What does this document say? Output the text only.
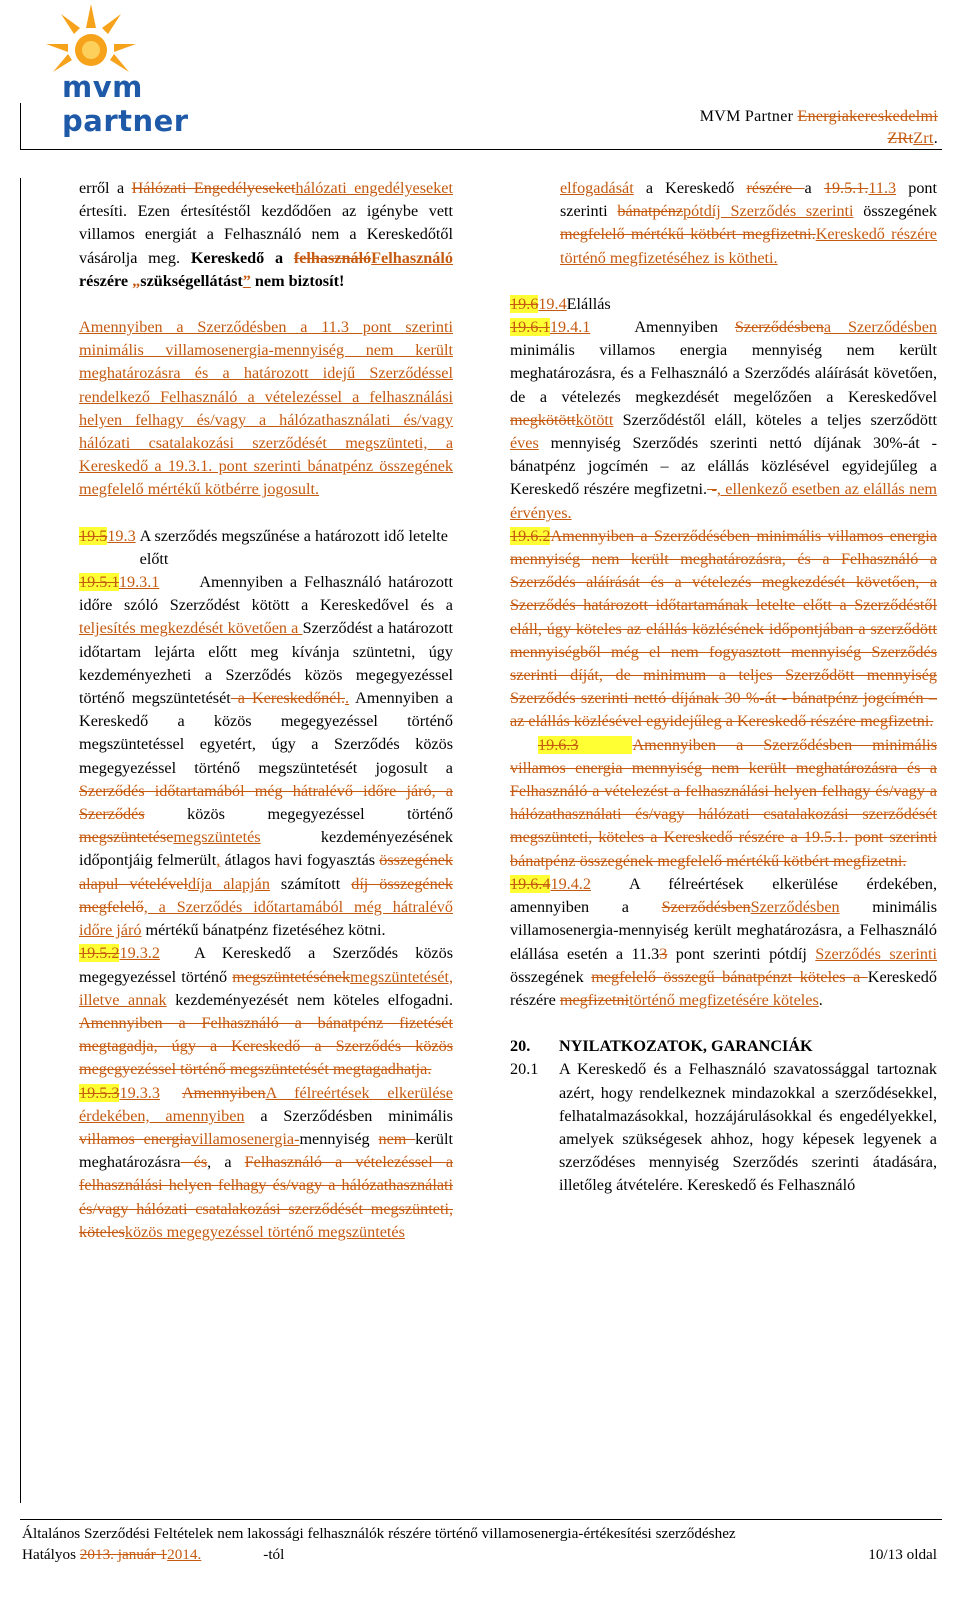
mvm partner	MVM Partner Energiakereskedelmi
ZRtZrt.

erről a Hálózati Engedélyesekethálózati engedélyeseket értesíti. Ezen értesítéstől kezdődően az igénybe vett villamos energiát a Felhasználó nem a Kereskedőtől vásárolja meg. Kereskedő a felhasználóFelhasználó részére „szükségellátást” nem biztosít!

Amennyiben a Szerződésben a 11.3 pont szerinti minimális villamosenergia-mennyiség nem került meghatározásra és a határozott idejű Szerződéssel rendelkező Felhasználó a vételezéssel a felhasználási helyen felhagy és/vagy a hálózathasználati és/vagy hálózati csatalakozási szerződését megszünteti, a Kereskedő a 19.3.1. pont szerinti bánatpénz összegének megfelelő mértékű kötbérre jogosult.

19.519.3 A szerződés megszűnése a határozott idő letelte előtt

19.5.119.3.1 Amennyiben a Felhasználó határozott időre szóló Szerződést kötött a Kereskedővel és a teljesítés megkezdését követően a Szerződést a határozott időtartam lejárta előtt meg kívánja szüntetni, úgy kezdeményezheti a Szerződés közös megegyezéssel történő megszüntetését a Kereskedőnél.. Amennyiben a Kereskedő a közös megegyezéssel történő megszüntetéssel egyetért, úgy a Szerződés közös megegyezéssel történő megszüntetését jogosult a Szerződés időtartamából még hátralévő időre járó, a Szerződés közös megegyezéssel történő megszüntetésemegszüntetés kezdeményezésének időpontjáig felmerült, átlagos havi fogyasztás összegének alapul vételéveldíja alapján számított díj összegének megfelelő, a Szerződés időtartamából még hátralévő időre járó mértékű bánatpénz fizetéséhez kötni.

19.5.219.3.2 A Kereskedő a Szerződés közös megegyezéssel történő megszüntetésénekmegszüntetését, illetve annak kezdeményezését nem köteles elfogadni. Amennyiben a Felhasználó a bánatpénz fizetését megtagadja, úgy a Kereskedő a Szerződés közös megegyezéssel történő megszüntetését megtagadhatja.

19.5.319.3.3 AmennyibenA félreértések elkerülése érdekében, amennyiben a Szerződésben minimális villamos energiavillamosenergia-mennyiség nem került meghatározásra és, a Felhasználó a vételezéssel a felhasználási helyen felhagy és/vagy a hálózathasználati és/vagy hálózati csatalakozási szerződését megszünteti, kötelesközös megegyezéssel történő megszüntetés

elfogadását a Kereskedő részére a 19.5.1.11.3 pont szerinti bánatpénzpótdíj Szerződés szerinti összegének megfelelő mértékű kötbért megfizetni.Kereskedő részére történő megfizetéséhez is kötheti.

19.619.4Elállás

19.6.119.4.1	Amennyiben Szerződésbena Szerződésben minimális villamos energia mennyiség nem került meghatározásra, és a Felhasználó a Szerződés aláírását követően, de a vételezés megkezdését megelőzően a Kereskedővel megkötöttkötött Szerződéstől eláll, köteles a teljes szerződött éves mennyiség Szerződés szerinti nettó díjának 30%-át - bánatpénz jogcímén – az elállás közlésével egyidejűleg a Kereskedő részére megfizetni. -, ellenkező esetben az elállás nem érvényes.

19.6.2Amennyiben a Szerződésében minimális villamos energia mennyiség nem került meghatározásra, és a Felhasználó a Szerződés aláírását és a vételezés megkezdését követően, a Szerződés határozott időtartamának letelte előtt a Szerződéstől eláll, úgy köteles az elállás közlésének időpontjában a szerződött mennyiségből még el nem fogyasztott mennyiség Szerződés szerinti díját, de minimum a teljes Szerződött mennyiség Szerződés szerinti nettó díjának 30 %-át - bánatpénz jogcímén – az elállás közlésével egyidejűleg a Kereskedő részére megfizetni.

19.6.3	Amennyiben a Szerződésben minimális villamos energia mennyiség nem került meghatározásra és a Felhasználó a vételezést a felhasználási helyen felhagy és/vagy a hálózathasználati és/vagy hálózati csatalakozási szerződését megszünteti, köteles a Kereskedő részére a 19.5.1. pont szerinti bánatpénz összegének megfelelő mértékű kötbért megfizetni.

19.6.419.4.2 A félreértések elkerülése érdekében, amennyiben a SzerződésbenSzerződésben minimális villamosenergia-mennyiség került meghatározásra, a Felhasználó elállása esetén a 11.33 pont szerinti pótdíj Szerződés szerinti összegének megfelelő összegű bánatpénzt köteles a Kereskedő részére megfizetnitörténő megfizetésére köteles.

20.	NYILATKOZATOK, GARANCIÁK
20.1	A Kereskedő és a Felhasználó szavatossággal tartoznak azért, hogy rendelkeznek mindazokkal a szerződésekkel, felhatalmazásokkal, hozzájárulásokkal és engedélyekkel, amelyek szükségesek ahhoz, hogy képesek legyenek a szerződéses mennyiség Szerződés szerinti átadására, illetőleg átvételére. Kereskedő és Felhasználó

Általános Szerződési Feltételek nem lakossági felhasználók részére történő villamosenergia-értékesítési szerződéshez
Hatályos 2013. január 12014.	-tól	10/13 oldal
